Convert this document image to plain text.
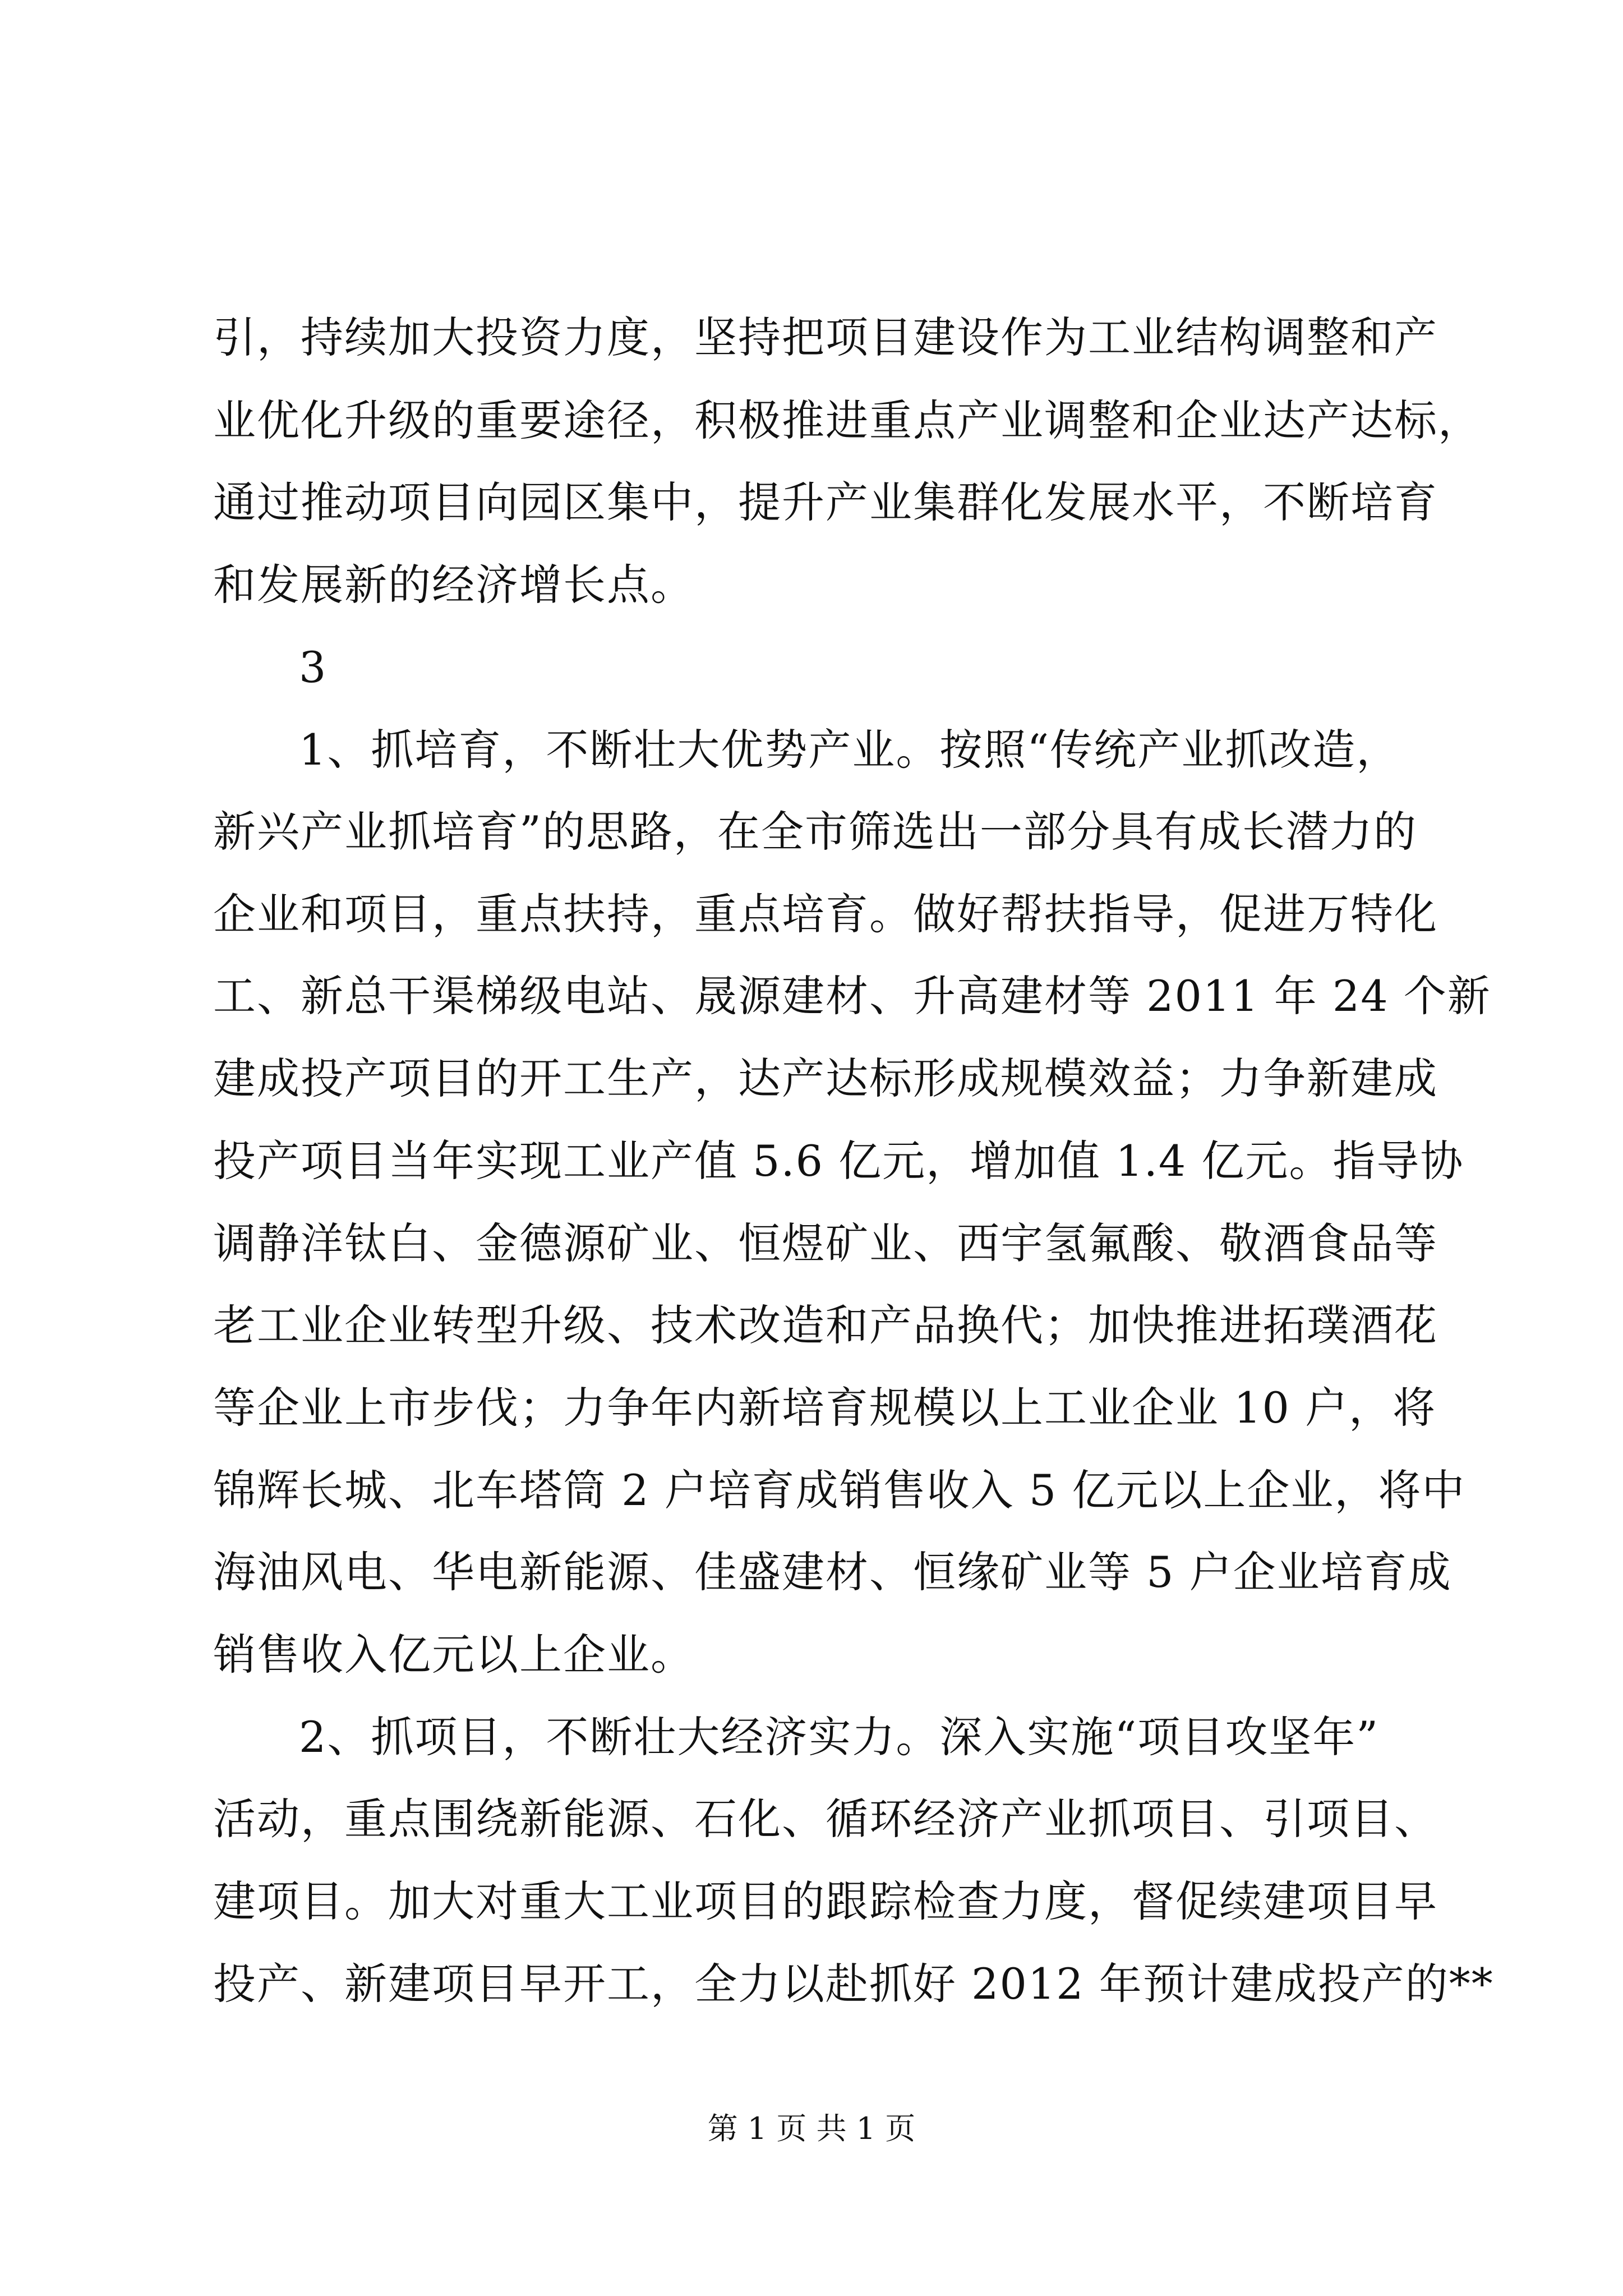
引，持续加大投资力度，坚持把项目建设作为工业结构调整和产
业优化升级的重要途径，积极推进重点产业调整和企业达产达标，
通过推动项目向园区集中，提升产业集群化发展水平，不断培育
和发展新的经济增长点。
3
1、抓培育，不断壮大优势产业。按照“传统产业抓改造，
新兴产业抓培育”的思路，在全市筛选出一部分具有成长潜力的
企业和项目，重点扶持，重点培育。做好帮扶指导，促进万特化
工、新总干渠梯级电站、晟源建材、升高建材等 2011 年 24 个新
建成投产项目的开工生产，达产达标形成规模效益；力争新建成
投产项目当年实现工业产值 5.6 亿元，增加值 1.4 亿元。指导协
调静洋钛白、金德源矿业、恒煜矿业、西宇氢氟酸、敬酒食品等
老工业企业转型升级、技术改造和产品换代；加快推进拓璞酒花
等企业上市步伐；力争年内新培育规模以上工业企业 10 户，将
锦辉长城、北车塔筒 2 户培育成销售收入 5 亿元以上企业，将中
海油风电、华电新能源、佳盛建材、恒缘矿业等 5 户企业培育成
销售收入亿元以上企业。
2、抓项目，不断壮大经济实力。深入实施“项目攻坚年”
活动，重点围绕新能源、石化、循环经济产业抓项目、引项目、
建项目。加大对重大工业项目的跟踪检查力度，督促续建项目早
投产、新建项目早开工，全力以赴抓好 2012 年预计建成投产的**
第 1 页 共 1 页
